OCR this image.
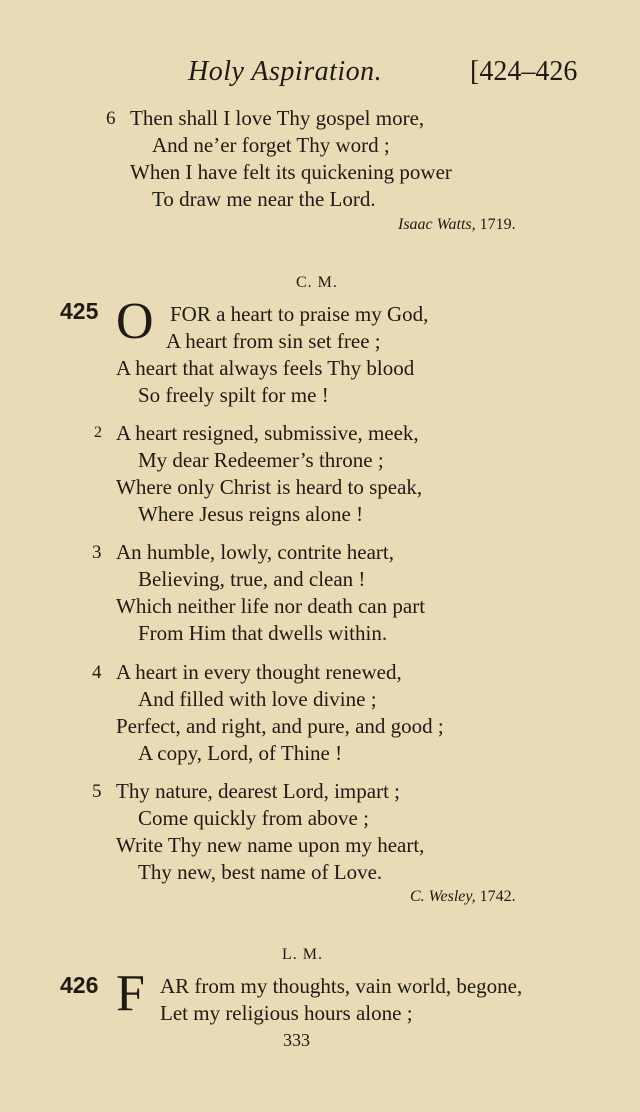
Holy Aspiration.	[424–426
6 Then shall I love Thy gospel more,
And ne’er forget Thy word ;
When I have felt its quickening power
To draw me near the Lord.
Isaac Watts, 1719.
C. M.
425 O FOR a heart to praise my God,
A heart from sin set free ;
A heart that always feels Thy blood
So freely spilt for me !
2 A heart resigned, submissive, meek,
My dear Redeemer’s throne ;
Where only Christ is heard to speak,
Where Jesus reigns alone !
3 An humble, lowly, contrite heart,
Believing, true, and clean !
Which neither life nor death can part
From Him that dwells within.
4 A heart in every thought renewed,
And filled with love divine ;
Perfect, and right, and pure, and good ;
A copy, Lord, of Thine !
5 Thy nature, dearest Lord, impart ;
Come quickly from above ;
Write Thy new name upon my heart,
Thy new, best name of Love.
C. Wesley, 1742.
L. M.
426 F AR from my thoughts, vain world, begone,
Let my religious hours alone ;
333
